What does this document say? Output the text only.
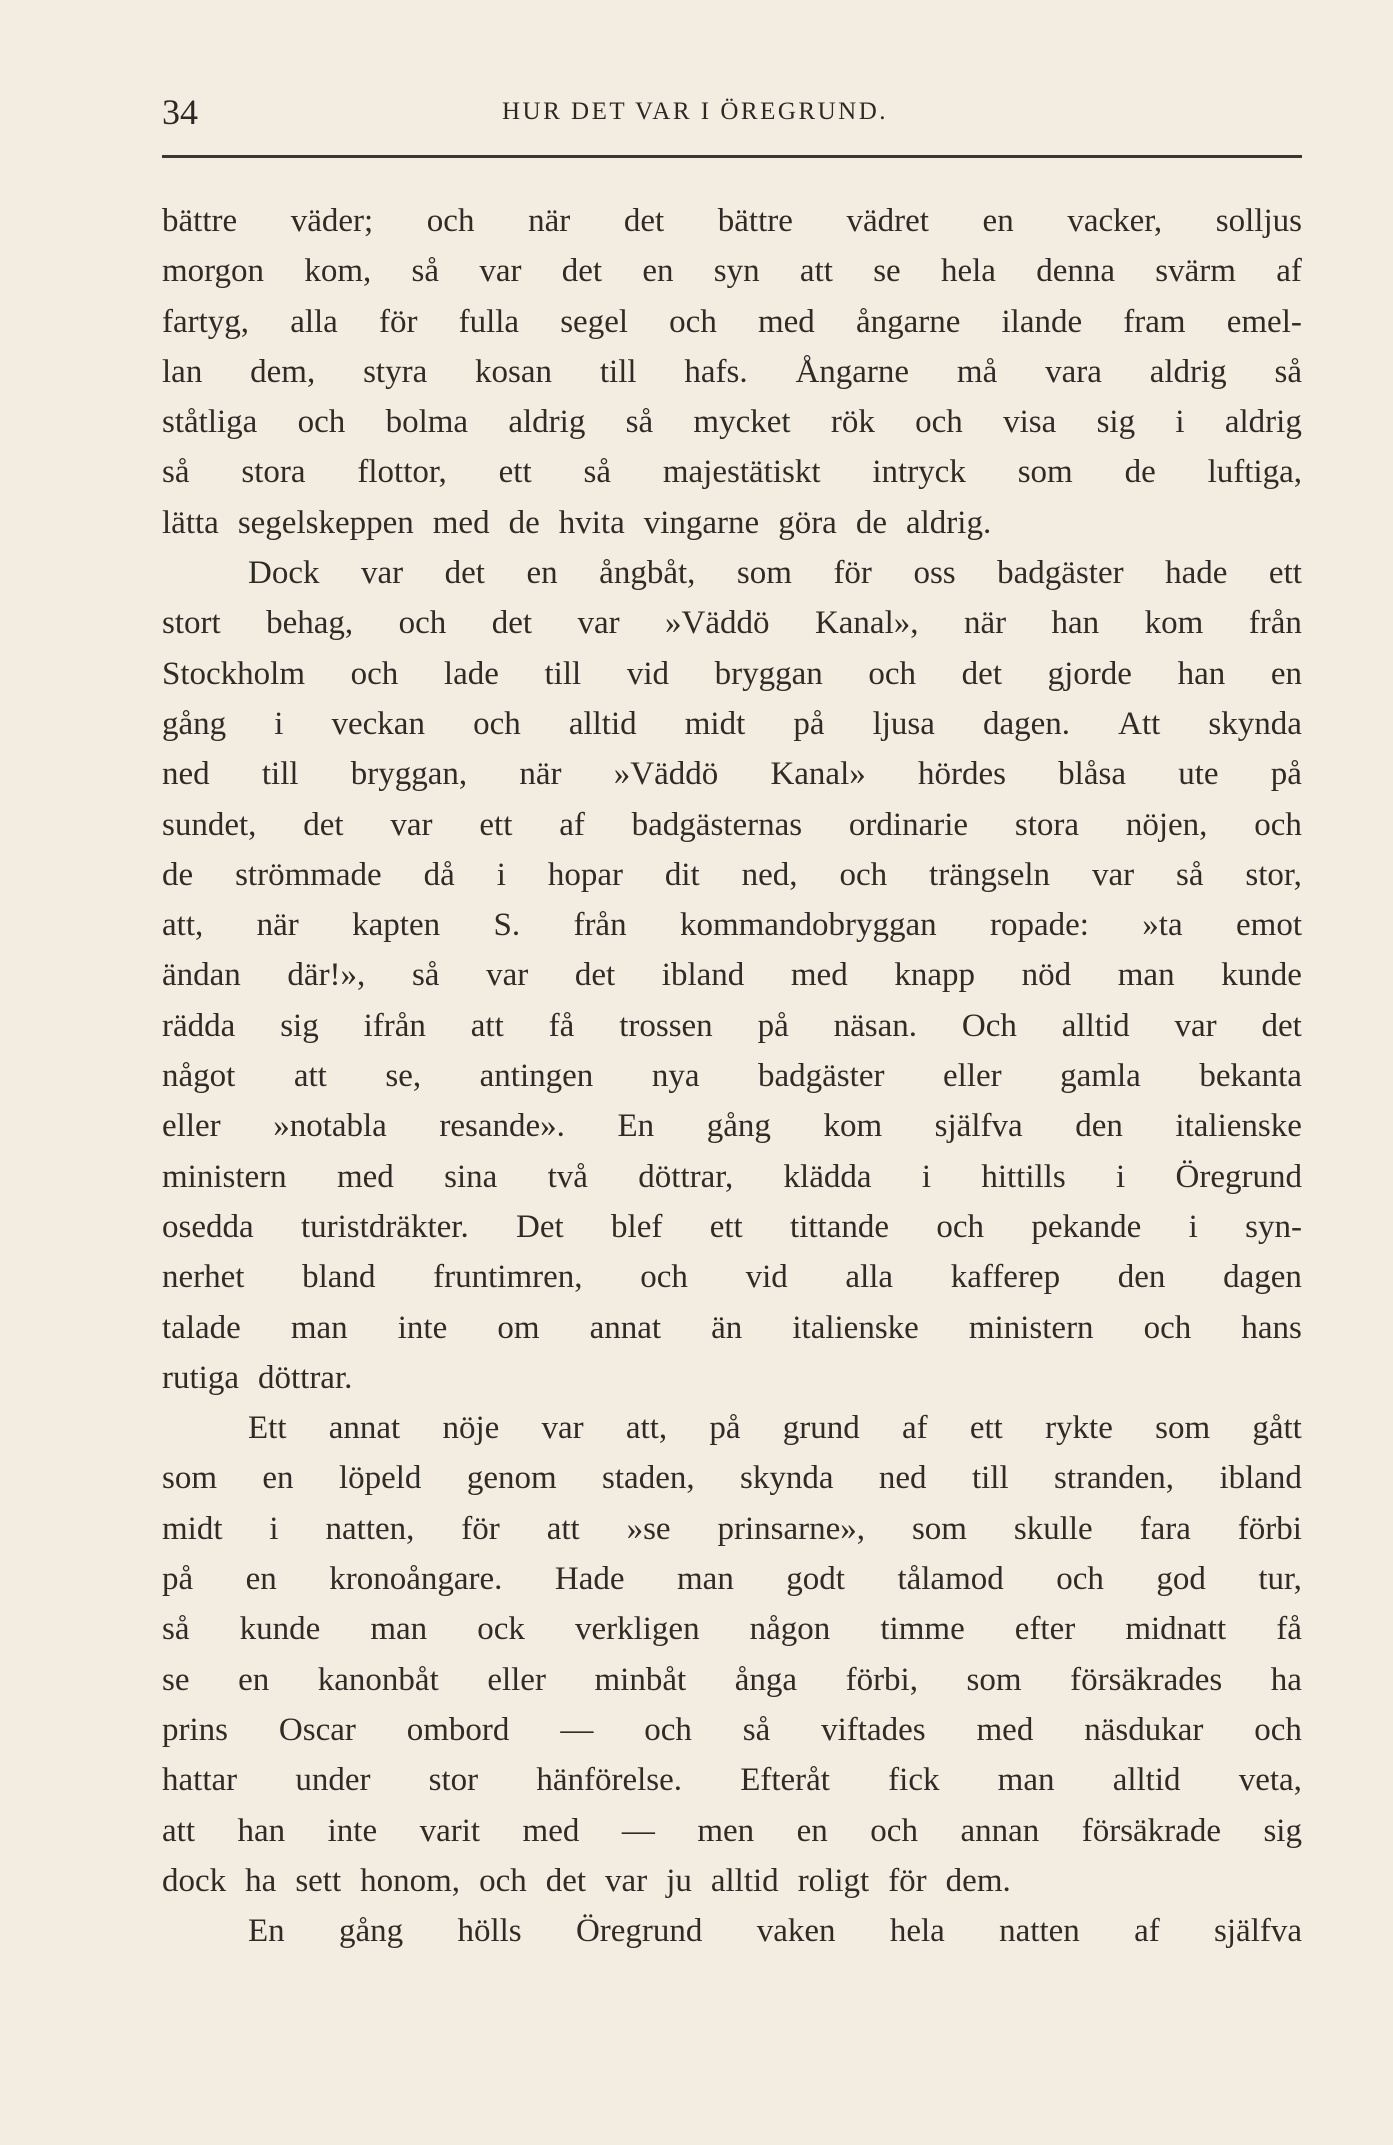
34	HUR DET VAR I ÖREGRUND.
bättre väder; och när det bättre vädret en vacker, solljus
morgon kom, så var det en syn att se hela denna svärm af
fartyg, alla för fulla segel och med ångarne ilande fram emel-
lan dem, styra kosan till hafs. Ångarne må vara aldrig så
ståtliga och bolma aldrig så mycket rök och visa sig i aldrig
så stora flottor, ett så majestätiskt intryck som de luftiga,
lätta segelskeppen med de hvita vingarne göra de aldrig.
Dock var det en ångbåt, som för oss badgäster hade ett
stort behag, och det var »Väddö Kanal», när han kom från
Stockholm och lade till vid bryggan och det gjorde han en
gång i veckan och alltid midt på ljusa dagen. Att skynda
ned till bryggan, när »Väddö Kanal» hördes blåsa ute på
sundet, det var ett af badgästernas ordinarie stora nöjen, och
de strömmade då i hopar dit ned, och trängseln var så stor,
att, när kapten S. från kommandobryggan ropade: »ta emot
ändan där!», så var det ibland med knapp nöd man kunde
rädda sig ifrån att få trossen på näsan. Och alltid var det
något att se, antingen nya badgäster eller gamla bekanta
eller »notabla resande». En gång kom själfva den italienske
ministern med sina två döttrar, klädda i hittills i Öregrund
osedda turistdräkter. Det blef ett tittande och pekande i syn-
nerhet bland fruntimren, och vid alla kafferep den dagen
talade man inte om annat än italienske ministern och hans
rutiga döttrar.
Ett annat nöje var att, på grund af ett rykte som gått
som en löpeld genom staden, skynda ned till stranden, ibland
midt i natten, för att »se prinsarne», som skulle fara förbi
på en kronoångare. Hade man godt tålamod och god tur,
så kunde man ock verkligen någon timme efter midnatt få
se en kanonbåt eller minbåt ånga förbi, som försäkrades ha
prins Oscar ombord — och så viftades med näsdukar och
hattar under stor hänförelse. Efteråt fick man alltid veta,
att han inte varit med — men en och annan försäkrade sig
dock ha sett honom, och det var ju alltid roligt för dem.
En gång hölls Öregrund vaken hela natten af själfva
